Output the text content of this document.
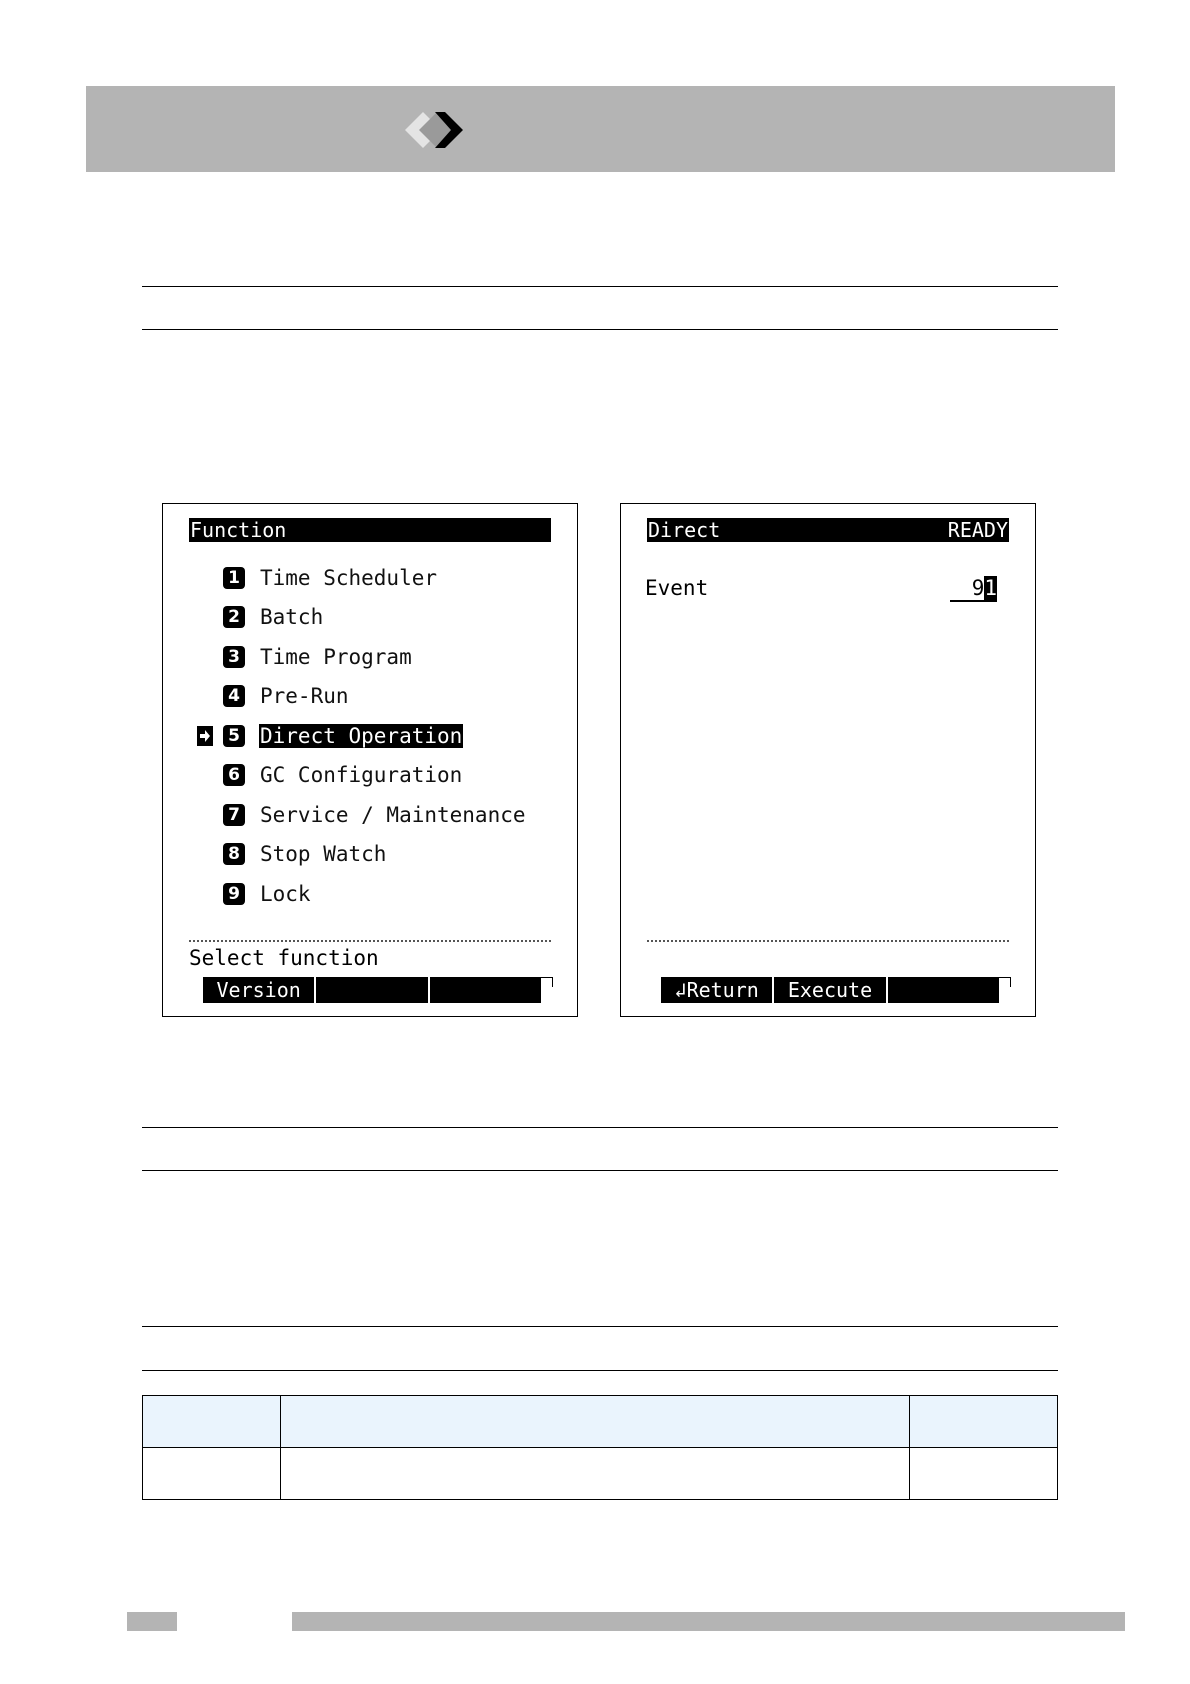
Function
1 Time Scheduler
2 Batch
3 Time Program
4 Pre-Run
5 Direct Operation
6 GC Configuration
7 Service / Maintenance
8 Stop Watch
9 Lock
Select function
Version
Direct	READY
Event	91
↲Return	Execute
